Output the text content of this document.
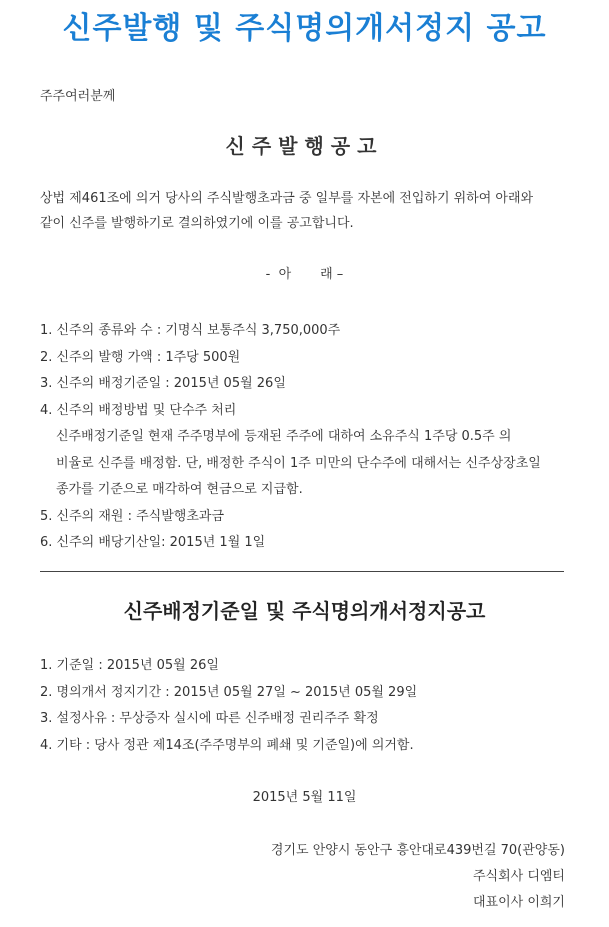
신주발행 및 주식명의개서정지 공고
주주여러분께
신주발행공고
상법 제461조에 의거 당사의 주식발행초과금 중 일부를 자본에 전입하기 위하여 아래와
같이 신주를 발행하기로 결의하였기에 이를 공고합니다.
-  아       래 –
1. 신주의 종류와 수 : 기명식 보통주식 3,750,000주
2. 신주의 발행 가액 : 1주당 500원
3. 신주의 배정기준일 : 2015년 05월 26일
4. 신주의 배정방법 및 단수주 처리
신주배정기준일 현재 주주명부에 등재된 주주에 대하여 소유주식 1주당 0.5주 의
비율로 신주를 배정함. 단, 배정한 주식이 1주 미만의 단수주에 대해서는 신주상장초일
종가를 기준으로 매각하여 현금으로 지급함.
5. 신주의 재원 : 주식발행초과금
6. 신주의 배당기산일: 2015년 1월 1일
신주배정기준일 및 주식명의개서정지공고
1. 기준일 : 2015년 05월 26일
2. 명의개서 정지기간 : 2015년 05월 27일 ~ 2015년 05월 29일
3. 설정사유 : 무상증자 실시에 따른 신주배정 권리주주 확정
4. 기타 : 당사 정관 제14조(주주명부의 폐쇄 및 기준일)에 의거함.
2015년 5월 11일
경기도 안양시 동안구 흥안대로439번길 70(관양동)
주식회사 디엠티
대표이사 이희기
